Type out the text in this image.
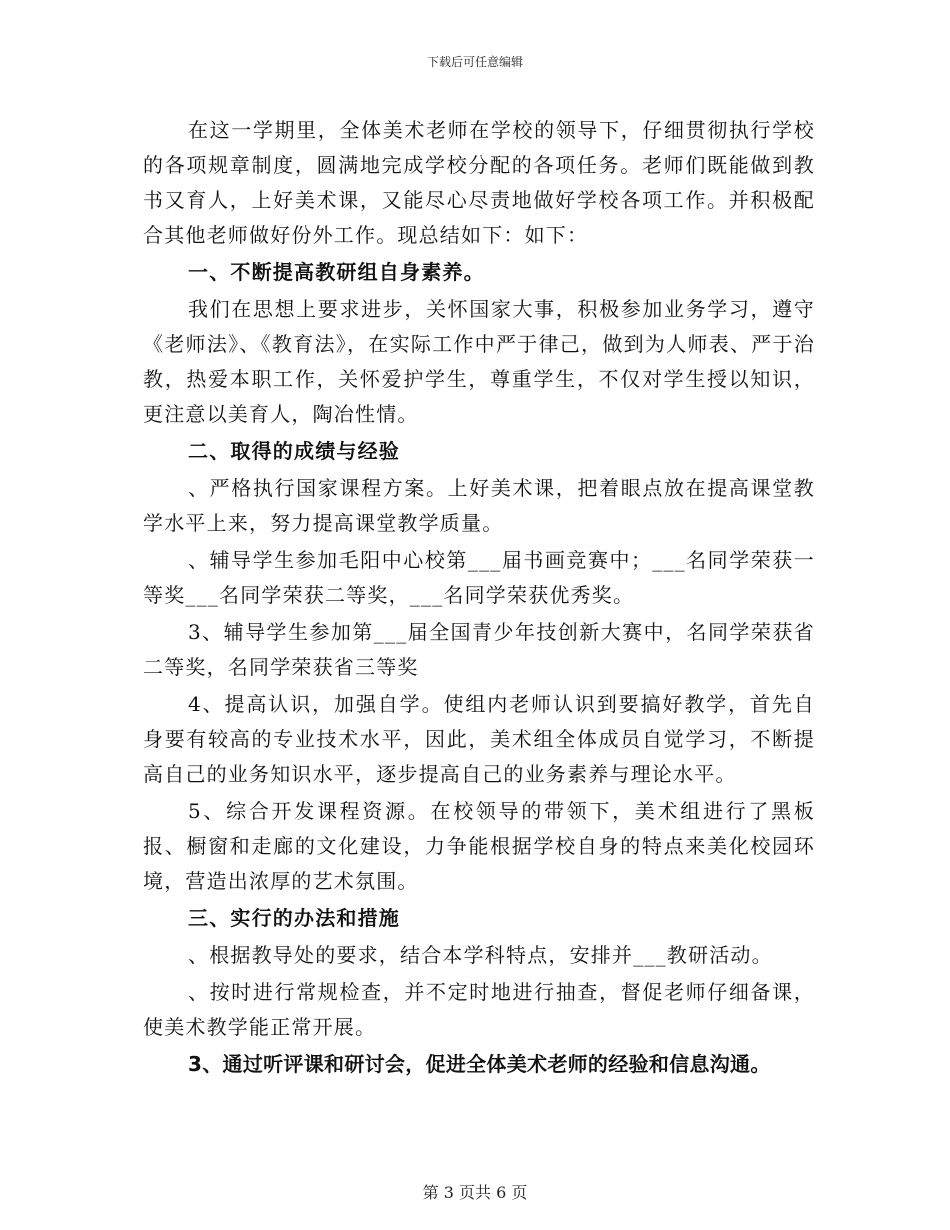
下载后可任意编辑

在这一学期里，全体美术老师在学校的领导下，仔细贯彻执行学校的各项规章制度，圆满地完成学校分配的各项任务。老师们既能做到教书又育人，上好美术课，又能尽心尽责地做好学校各项工作。并积极配合其他老师做好份外工作。现总结如下：如下：

一、不断提高教研组自身素养。

我们在思想上要求进步，关怀国家大事，积极参加业务学习，遵守《老师法》、《教育法》，在实际工作中严于律己，做到为人师表、严于治教，热爱本职工作，关怀爱护学生，尊重学生，不仅对学生授以知识，更注意以美育人，陶冶性情。

二、取得的成绩与经验

、严格执行国家课程方案。上好美术课，把着眼点放在提高课堂教学水平上来，努力提高课堂教学质量。

、辅导学生参加毛阳中心校第___届书画竞赛中；___名同学荣获一等奖___名同学荣获二等奖，___名同学荣获优秀奖。

3、辅导学生参加第___届全国青少年技创新大赛中，名同学荣获省二等奖，名同学荣获省三等奖

4、提高认识，加强自学。使组内老师认识到要搞好教学，首先自身要有较高的专业技术水平，因此，美术组全体成员自觉学习，不断提高自己的业务知识水平，逐步提高自己的业务素养与理论水平。

5、综合开发课程资源。在校领导的带领下，美术组进行了黑板报、橱窗和走廊的文化建设，力争能根据学校自身的特点来美化校园环境，营造出浓厚的艺术氛围。

三、实行的办法和措施

、根据教导处的要求，结合本学科特点，安排并___教研活动。

、按时进行常规检查，并不定时地进行抽查，督促老师仔细备课，使美术教学能正常开展。

3、通过听评课和研讨会，促进全体美术老师的经验和信息沟通。

第 3 页共 6 页
